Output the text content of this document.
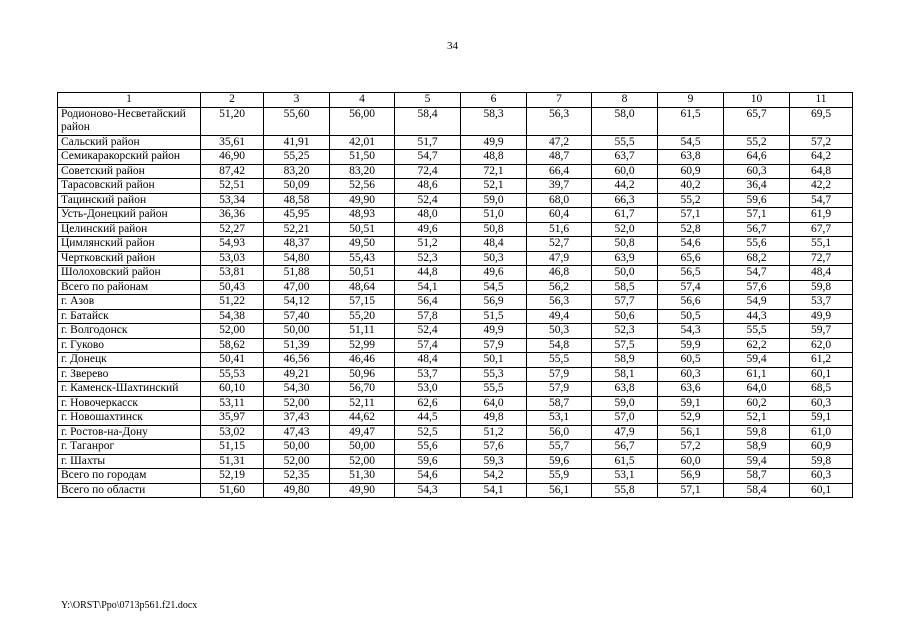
34
1	2	3	4	5	6	7	8	9	10	11
Родионово-Несветайский район	51,20	55,60	56,00	58,4	58,3	56,3	58,0	61,5	65,7	69,5
Сальский район	35,61	41,91	42,01	51,7	49,9	47,2	55,5	54,5	55,2	57,2
Семикаракорский район	46,90	55,25	51,50	54,7	48,8	48,7	63,7	63,8	64,6	64,2
Советский район	87,42	83,20	83,20	72,4	72,1	66,4	60,0	60,9	60,3	64,8
Тарасовский район	52,51	50,09	52,56	48,6	52,1	39,7	44,2	40,2	36,4	42,2
Тацинский район	53,34	48,58	49,90	52,4	59,0	68,0	66,3	55,2	59,6	54,7
Усть-Донецкий район	36,36	45,95	48,93	48,0	51,0	60,4	61,7	57,1	57,1	61,9
Целинский район	52,27	52,21	50,51	49,6	50,8	51,6	52,0	52,8	56,7	67,7
Цимлянский район	54,93	48,37	49,50	51,2	48,4	52,7	50,8	54,6	55,6	55,1
Чертковский район	53,03	54,80	55,43	52,3	50,3	47,9	63,9	65,6	68,2	72,7
Шолоховский район	53,81	51,88	50,51	44,8	49,6	46,8	50,0	56,5	54,7	48,4
Всего по районам	50,43	47,00	48,64	54,1	54,5	56,2	58,5	57,4	57,6	59,8
г. Азов	51,22	54,12	57,15	56,4	56,9	56,3	57,7	56,6	54,9	53,7
г. Батайск	54,38	57,40	55,20	57,8	51,5	49,4	50,6	50,5	44,3	49,9
г. Волгодонск	52,00	50,00	51,11	52,4	49,9	50,3	52,3	54,3	55,5	59,7
г. Гуково	58,62	51,39	52,99	57,4	57,9	54,8	57,5	59,9	62,2	62,0
г. Донецк	50,41	46,56	46,46	48,4	50,1	55,5	58,9	60,5	59,4	61,2
г. Зверево	55,53	49,21	50,96	53,7	55,3	57,9	58,1	60,3	61,1	60,1
г. Каменск-Шахтинский	60,10	54,30	56,70	53,0	55,5	57,9	63,8	63,6	64,0	68,5
г. Новочеркасск	53,11	52,00	52,11	62,6	64,0	58,7	59,0	59,1	60,2	60,3
г. Новошахтинск	35,97	37,43	44,62	44,5	49,8	53,1	57,0	52,9	52,1	59,1
г. Ростов-на-Дону	53,02	47,43	49,47	52,5	51,2	56,0	47,9	56,1	59,8	61,0
г. Таганрог	51,15	50,00	50,00	55,6	57,6	55,7	56,7	57,2	58,9	60,9
г. Шахты	51,31	52,00	52,00	59,6	59,3	59,6	61,5	60,0	59,4	59,8
Всего по городам	52,19	52,35	51,30	54,6	54,2	55,9	53,1	56,9	58,7	60,3
Всего по области	51,60	49,80	49,90	54,3	54,1	56,1	55,8	57,1	58,4	60,1
Y:\ORST\Ppo\0713p561.f21.docx
